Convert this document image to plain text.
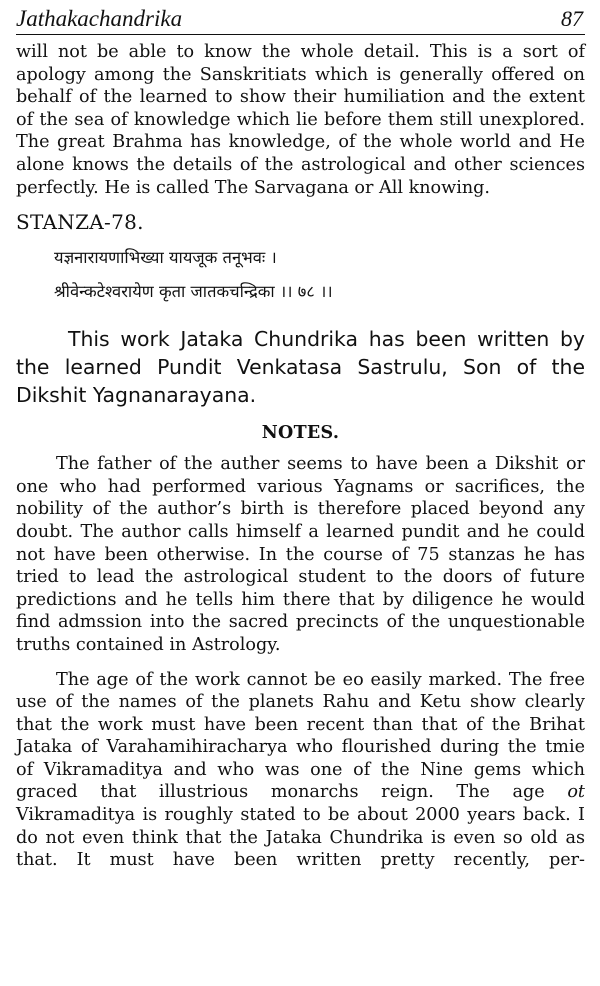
Jathakachandrika	87

will not be able to know the whole detail. This is a sort of apology among the Sanskritiats which is generally offered on behalf of the learned to show their humiliation and the extent of the sea of knowledge which lie before them still unexplored. The great Brahma has knowledge, of the whole world and He alone knows the details of the astrological and other sciences perfectly. He is called The Sarvagana or All knowing.

STANZA-78.
यज्ञनारायणाभिख्या यायजूक तनूभवः ।
श्रीवेन्कटेश्वरायेण कृता जातकचन्द्रिका ।। ७८ ।।

This work Jataka Chundrika has been written by the learned Pundit Venkatasa Sastrulu, Son of the Dikshit Yagnanarayana.

NOTES.

The father of the auther seems to have been a Dikshit or one who had performed various Yagnams or sacrifices, the nobility of the author’s birth is therefore placed beyond any doubt. The author calls himself a learned pundit and he could not have been otherwise. In the course of 75 stanzas he has tried to lead the astrological student to the doors of future predictions and he tells him there that by diligence he would find admssion into the sacred precincts of the unquestionable truths contained in Astrology.

The age of the work cannot be eo easily marked. The free use of the names of the planets Rahu and Ketu show clearly that the work must have been recent than that of the Brihat Jataka of Varahamihiracharya who flourished during the tmie of Vikramaditya and who was one of the Nine gems which graced that illustrious monarchs reign. The age ot Vikramaditya is roughly stated to be about 2000 years back. I do not even think that the Jataka Chundrika is even so old as that. It must have been written pretty recently, per-
